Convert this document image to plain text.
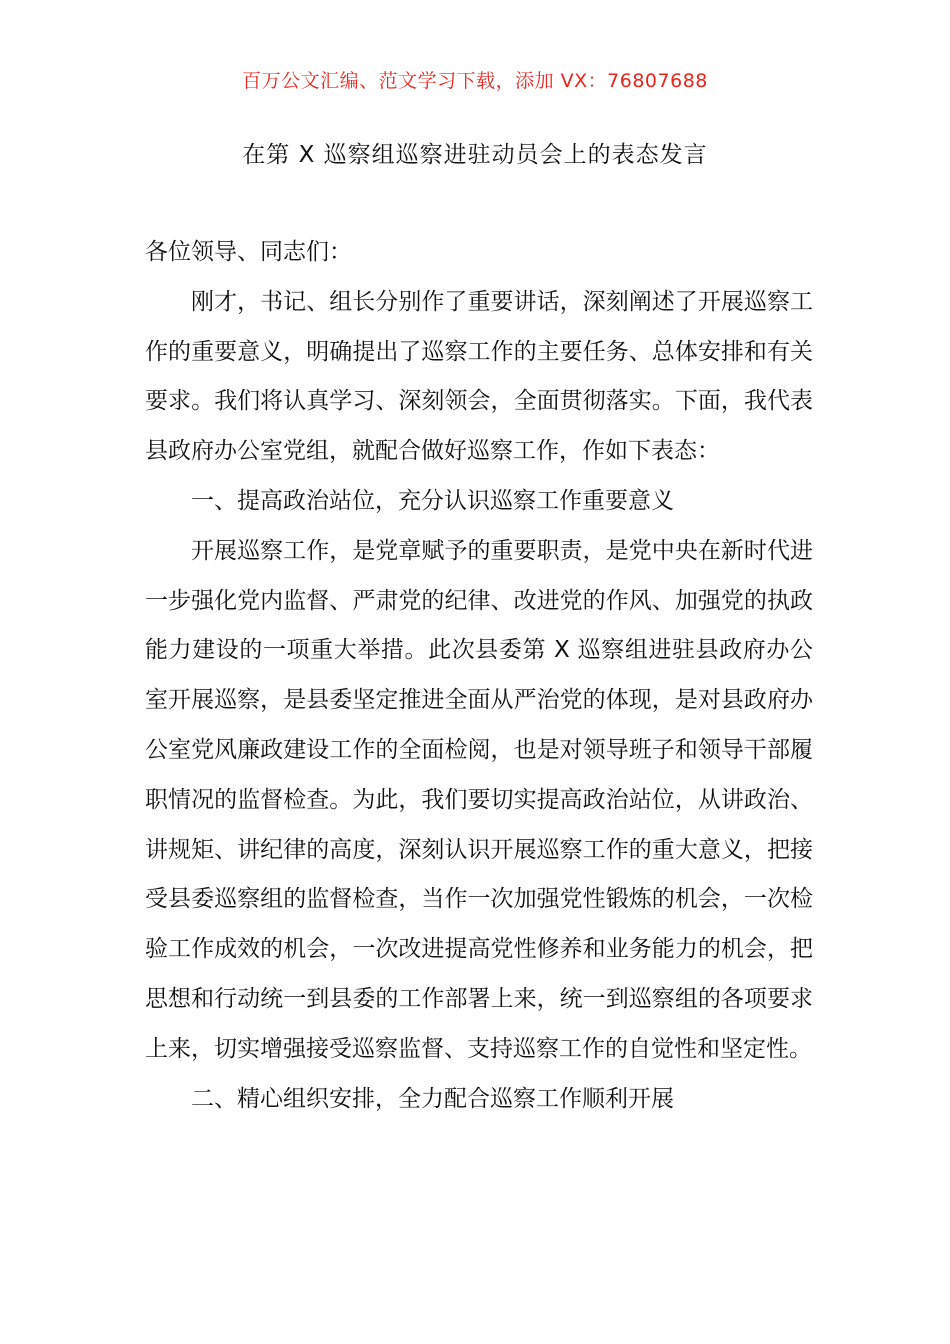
百万公文汇编、范文学习下载，添加 VX：76807688
在第 X 巡察组巡察进驻动员会上的表态发言

各位领导、同志们：

刚才，书记、组长分别作了重要讲话，深刻阐述了开展巡察工作的重要意义，明确提出了巡察工作的主要任务、总体安排和有关要求。我们将认真学习、深刻领会，全面贯彻落实。下面，我代表县政府办公室党组，就配合做好巡察工作，作如下表态：

一、提高政治站位，充分认识巡察工作重要意义

开展巡察工作，是党章赋予的重要职责，是党中央在新时代进一步强化党内监督、严肃党的纪律、改进党的作风、加强党的执政能力建设的一项重大举措。此次县委第 X 巡察组进驻县政府办公室开展巡察，是县委坚定推进全面从严治党的体现，是对县政府办公室党风廉政建设工作的全面检阅，也是对领导班子和领导干部履职情况的监督检查。为此，我们要切实提高政治站位，从讲政治、讲规矩、讲纪律的高度，深刻认识开展巡察工作的重大意义，把接受县委巡察组的监督检查，当作一次加强党性锻炼的机会，一次检验工作成效的机会，一次改进提高党性修养和业务能力的机会，把思想和行动统一到县委的工作部署上来，统一到巡察组的各项要求上来，切实增强接受巡察监督、支持巡察工作的自觉性和坚定性。

二、精心组织安排，全力配合巡察工作顺利开展
